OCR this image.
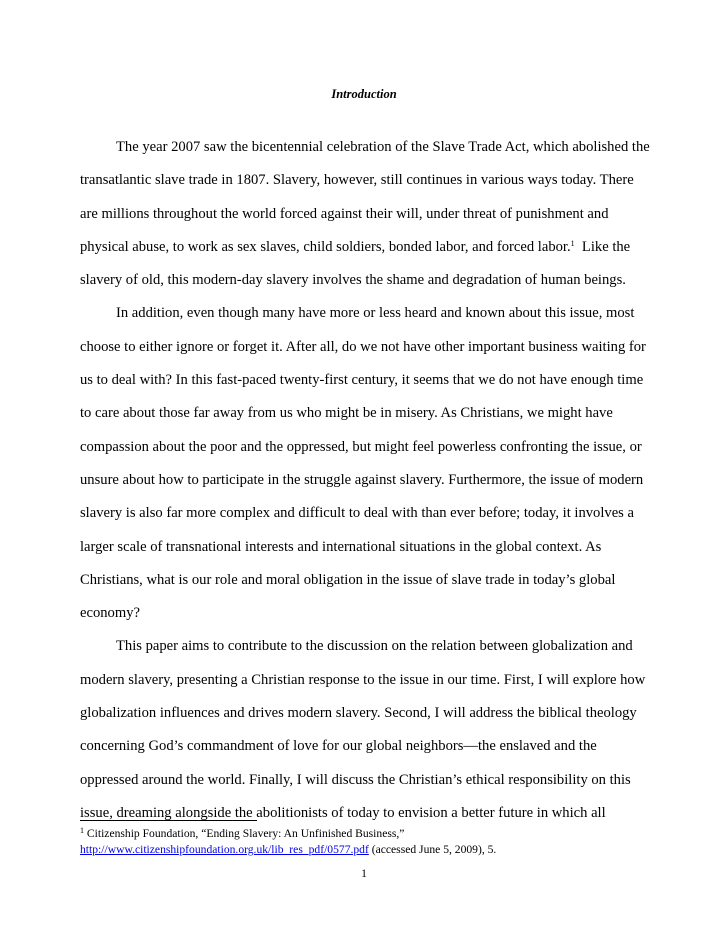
Introduction
The year 2007 saw the bicentennial celebration of the Slave Trade Act, which abolished the
transatlantic slave trade in 1807. Slavery, however, still continues in various ways today. There
are millions throughout the world forced against their will, under threat of punishment and
physical abuse, to work as sex slaves, child soldiers, bonded labor, and forced labor.$^1$  Like the
slavery of old, this modern-day slavery involves the shame and degradation of human beings.
In addition, even though many have more or less heard and known about this issue, most
choose to either ignore or forget it. After all, do we not have other important business waiting for
us to deal with? In this fast-paced twenty-first century, it seems that we do not have enough time
to care about those far away from us who might be in misery. As Christians, we might have
compassion about the poor and the oppressed, but might feel powerless confronting the issue, or
unsure about how to participate in the struggle against slavery. Furthermore, the issue of modern
slavery is also far more complex and difficult to deal with than ever before; today, it involves a
larger scale of transnational interests and international situations in the global context. As
Christians, what is our role and moral obligation in the issue of slave trade in today’s global
economy?
This paper aims to contribute to the discussion on the relation between globalization and
modern slavery, presenting a Christian response to the issue in our time. First, I will explore how
globalization influences and drives modern slavery. Second, I will address the biblical theology
concerning God’s commandment of love for our global neighbors—the enslaved and the
oppressed around the world. Finally, I will discuss the Christian’s ethical responsibility on this
issue, dreaming alongside the abolitionists of today to envision a better future in which all
$^1$ Citizenship Foundation, “Ending Slavery: An Unfinished Business,”
http://www.citizenshipfoundation.org.uk/lib_res_pdf/0577.pdf (accessed June 5, 2009), 5.
1
